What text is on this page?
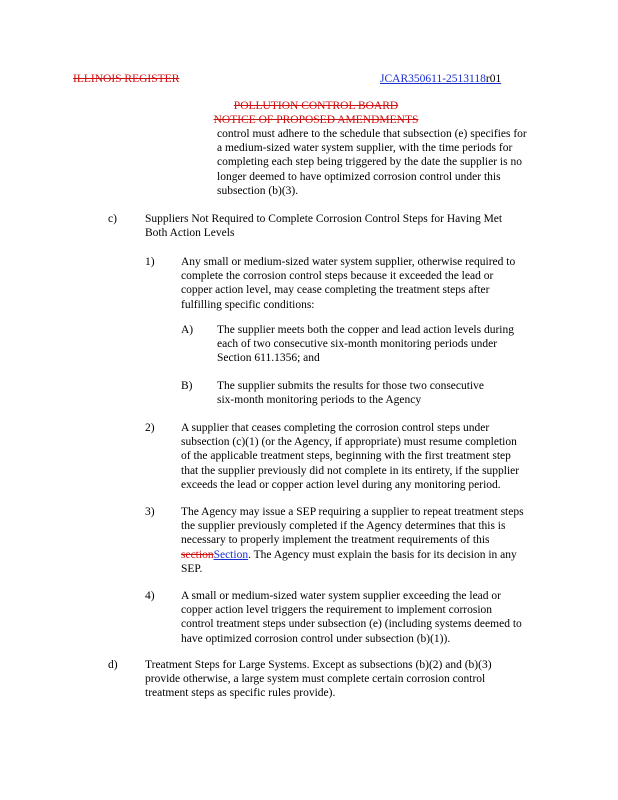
ILLINOIS REGISTER	JCAR350611-2513118r01
POLLUTION CONTROL BOARD
NOTICE OF PROPOSED AMENDMENTS
control must adhere to the schedule that subsection (e) specifies for
a medium-sized water system supplier, with the time periods for
completing each step being triggered by the date the supplier is no
longer deemed to have optimized corrosion control under this
subsection (b)(3).
c) Suppliers Not Required to Complete Corrosion Control Steps for Having Met
Both Action Levels
1) Any small or medium-sized water system supplier, otherwise required to
complete the corrosion control steps because it exceeded the lead or
copper action level, may cease completing the treatment steps after
fulfilling specific conditions:
A) The supplier meets both the copper and lead action levels during
each of two consecutive six-month monitoring periods under
Section 611.1356; and
B) The supplier submits the results for those two consecutive
six-month monitoring periods to the Agency
2) A supplier that ceases completing the corrosion control steps under
subsection (c)(1) (or the Agency, if appropriate) must resume completion
of the applicable treatment steps, beginning with the first treatment step
that the supplier previously did not complete in its entirety, if the supplier
exceeds the lead or copper action level during any monitoring period.
3) The Agency may issue a SEP requiring a supplier to repeat treatment steps
the supplier previously completed if the Agency determines that this is
necessary to properly implement the treatment requirements of this
sectionSection. The Agency must explain the basis for its decision in any
SEP.
4) A small or medium-sized water system supplier exceeding the lead or
copper action level triggers the requirement to implement corrosion
control treatment steps under subsection (e) (including systems deemed to
have optimized corrosion control under subsection (b)(1)).
d) Treatment Steps for Large Systems. Except as subsections (b)(2) and (b)(3)
provide otherwise, a large system must complete certain corrosion control
treatment steps as specific rules provide).
